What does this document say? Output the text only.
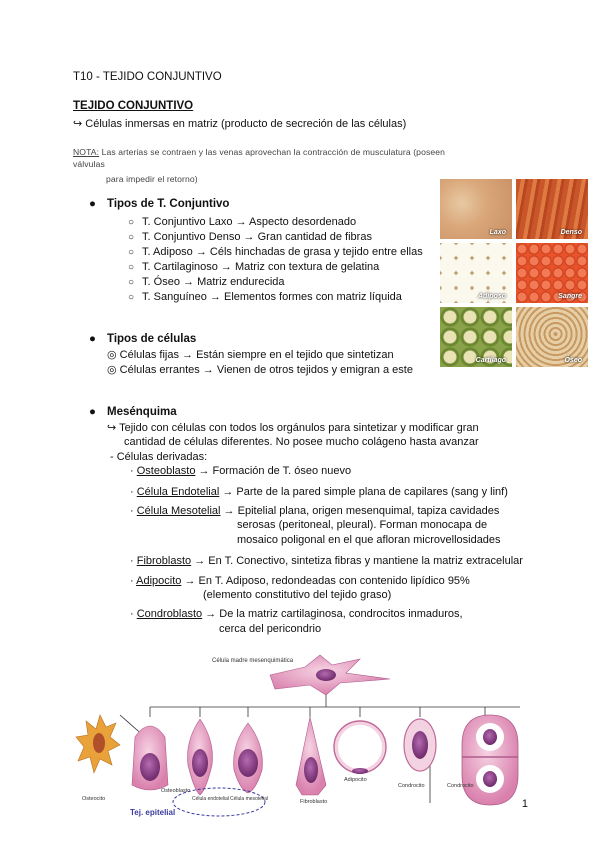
T10 - TEJIDO CONJUNTIVO
TEJIDO CONJUNTIVO
↪ Células inmersas en matriz (producto de secreción de las células)
NOTA: Las arterias se contraen y las venas aprovechan la contracción de musculatura (poseen
válvulas
para impedir el retorno)
● Tipos de T. Conjuntivo
○ T. Conjuntivo Laxo → Aspecto desordenado
○ T. Conjuntivo Denso → Gran cantidad de fibras
○ T. Adiposo → Céls hinchadas de grasa y tejido entre ellas
○ T. Cartilaginoso → Matriz con textura de gelatina
○ T. Óseo → Matriz endurecida
○ T. Sanguíneo → Elementos formes con matriz líquida
Laxo	Denso
Adiposo	Sangre
Cartílago	Óseo
● Tipos de células
◎ Células fijas → Están siempre en el tejido que sintetizan
◎ Células errantes → Vienen de otros tejidos y emigran a este
● Mesénquima
↪ Tejido con células con todos los orgánulos para sintetizar y modificar gran
cantidad de células diferentes. No posee mucho colágeno hasta avanzar
- Células derivadas:
· Osteoblasto → Formación de T. óseo nuevo
· Célula Endotelial → Parte de la pared simple plana de capilares (sang y linf)
· Célula Mesotelial → Epitelial plana, origen mesenquimal, tapiza cavidades
serosas (peritoneal, pleural). Forman monocapa de
mosaico poligonal en el que afloran microvellosidades
· Fibroblasto → En T. Conectivo, sintetiza fibras y mantiene la matriz extracelular
· Adipocito → En T. Adiposo, redondeadas con contenido lipídico 95%
(elemento constitutivo del tejido graso)
· Condroblasto → De la matriz cartilaginosa, condrocitos inmaduros,
cerca del pericondrio
Célula madre mesenquimática
Osteocito
Osteoblasto
Célula endotelial Célula mesotelial	Fibroblasto
Adipocito
Condrocito	Condrocito
Tej. epitelial
1
